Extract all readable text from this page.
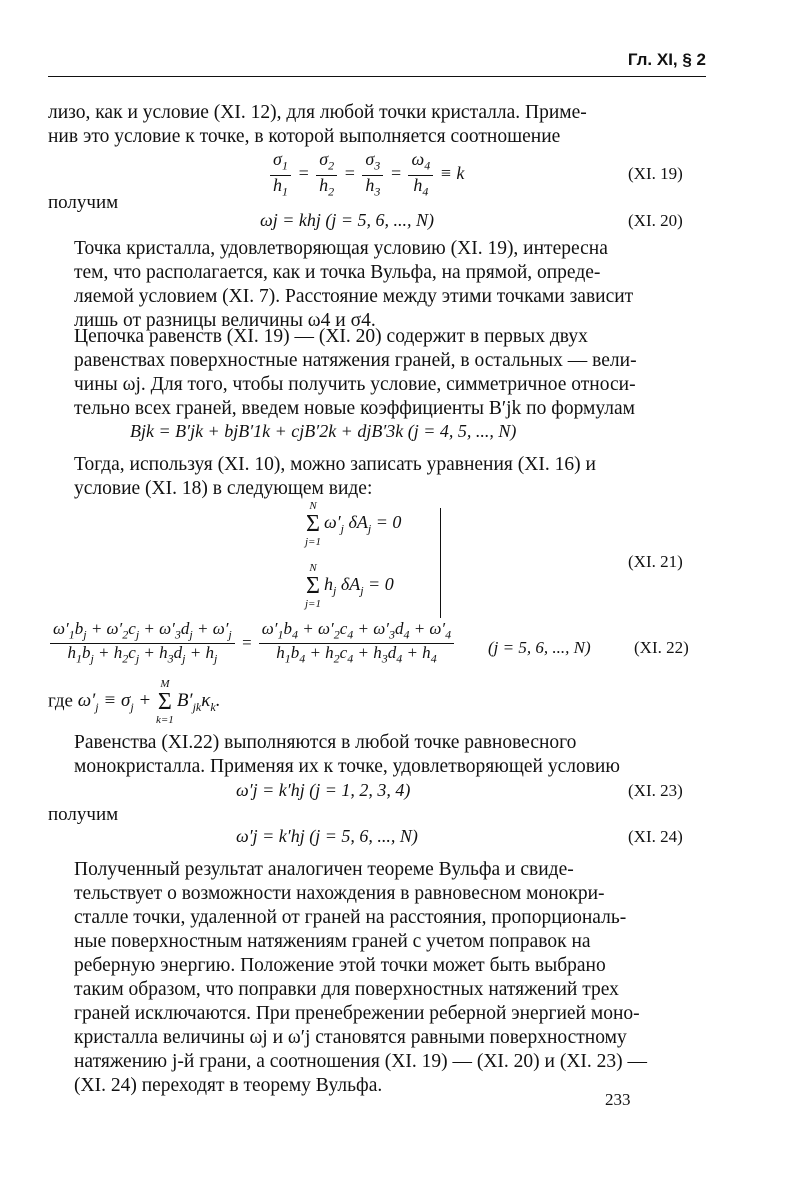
Гл. XI, § 2

лизо, как и условие (XI. 12), для любой точки кристалла. Приме-
нив это условие к точке, в которой выполняется соотношение

$\frac{\sigma_1}{h_1} = \frac{\sigma_2}{h_2} = \frac{\sigma_3}{h_3} = \frac{\omega_4}{h_4} \equiv k$	(XI. 19)
получим
ωj = khj (j = 5, 6, ..., N)	(XI. 20)

Точка кристалла, удовлетворяющая условию (XI. 19), интересна
тем, что располагается, как и точка Вульфа, на прямой, опреде-
ляемой условием (XI. 7). Расстояние между этими точками зависит
лишь от разницы величины ω4 и σ4.

Цепочка равенств (XI. 19) — (XI. 20) содержит в первых двух
равенствах поверхностные натяжения граней, в остальных — вели-
чины ωj. Для того, чтобы получить условие, симметричное относи-
тельно всех граней, введем новые коэффициенты B′jk по формулам

Bjk = B′jk + bjB′1k + cjB′2k + djB′3k (j = 4, 5, ..., N)

Тогда, используя (XI. 10), можно записать уравнения (XI. 16) и
условие (XI. 18) в следующем виде:

N
Σ
j=1
$\omega'_j$ $\delta A_j = 0$
N
Σ
j=1
$h_j$ $\delta A_j = 0$
(XI. 21)
$\frac{\omega'_1b_j + \omega'_2c_j + \omega'_3d_j + \omega'_j}{h_1b_j + h_2c_j + h_3d_j + h_j} = \frac{\omega'_1b_4 + \omega'_2c_4 + \omega'_3d_4 + \omega'_4}{h_1b_4 + h_2c_4 + h_3d_4 + h_4} (j = 5$, 6, ..., N)	(XI. 22)
где $\omega'_j \equiv \sigma_j$ +
M
Σ
k=1
$B'_{jk}\kappa_k$.

Равенства (XI.22) выполняются в любой точке равновесного
монокристалла. Применяя их к точке, удовлетворяющей условию

ω′j = k′hj (j = 1, 2, 3, 4)	(XI. 23)
получим
ω′j = k′hj (j = 5, 6, ..., N)	(XI. 24)

Полученный результат аналогичен теореме Вульфа и свиде-
тельствует о возможности нахождения в равновесном монокри-
сталле точки, удаленной от граней на расстояния, пропорциональ-
ные поверхностным натяжениям граней с учетом поправок на
реберную энергию. Положение этой точки может быть выбрано
таким образом, что поправки для поверхностных натяжений трех
граней исключаются. При пренебрежении реберной энергией моно-
кристалла величины ωj и ω′j становятся равными поверхностному
натяжению j-й грани, а соотношения (XI. 19) — (XI. 20) и (XI. 23) —
(XI. 24) переходят в теорему Вульфа.

233
